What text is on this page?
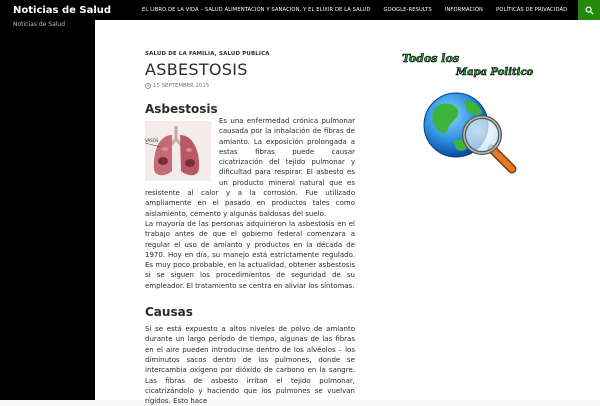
Noticias de Salud	EL LIBRO DE LA VIDA – SALUD ALIMENTACION Y SANACION, Y EL ELIXIR DE LA SALUD	GOOGLE-RESULTS	INFORMACIÓN	POLÍTICAS DE PRIVACIDAD
Noticias de Salud
SALUD DE LA FAMILIA, SALUD PUBLICA
ASBESTOSIS
15 SEPTEMBER 2015
Asbestosis
VASOS

Es una enfermedad crónica pulmonar causada por la inhalación de fibras de amianto. La exposición prolongada a estas fibras puede causar cicatrización del tejido pulmonar y dificultad para respirar. El asbesto es un producto mineral natural que es resistente al calor y a la corrosión. Fue utilizado ampliamente en el pasado en productos tales como aislamiento, cemento y algunas baldosas del suelo.

La mayoría de las personas adquirieron la asbestosis en el trabajo antes de que el gobierno federal comenzara a regular el uso de amianto y productos en la década de 1970. Hoy en día, su manejo está estrictamente regulado. Es muy poco probable, en la actualidad, obtener asbestosis si se siguen los procedimientos de seguridad de su empleador. El tratamiento se centra en aliviar los síntomas.

Causas

Si se está expuesto a altos niveles de polvo de amianto durante un largo período de tiempo, algunas de las fibras en el aire pueden introducirse dentro de los alvéolos – los diminutos sacos dentro de los pulmones, donde se intercambia oxígeno por dióxido de carbono en la sangre. Las fibras de asbesto irritan el tejido pulmonar, cicatrizándolo y haciendo que los pulmones se vuelvan rígidos. Esto hace

Todos los
Mapa Politico
